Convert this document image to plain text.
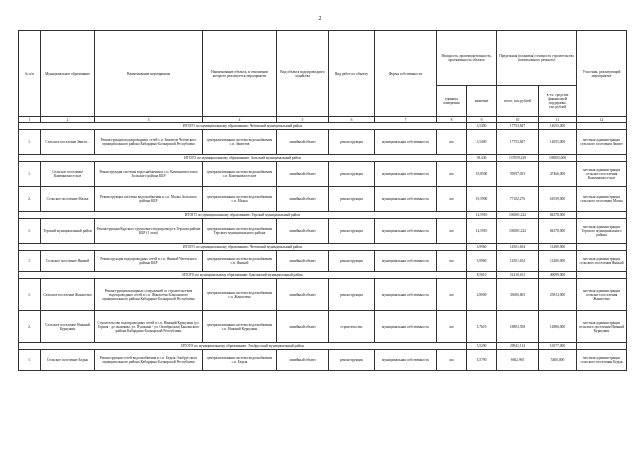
2
№ п/п	Муниципальное образование	Наименование мероприятия	Наименование объекта, в отношении которого реализуется мероприятие	Вид объекта водопроводного хозяйства	Вид работ по объекту	Форма собственности	Мощность, производительность, протяженность объекта		Предельная (плановая) стоимость строительства (капитального ремонта)		Участник, реализующий мероприятие
							единица измерения	значение	всего, тыс.рублей	в т.ч. средства финансовой поддержки, тыс.рублей	
1	2	3	4	5	6	7	8	9	10	11	12
ИТОГО по муниципальному образованию: Чегемский муниципальный район								3,5400	17753,847	14055,000	
1.	Сельское поселение Звягит...	Реконструкция водопроводных сетей с.п. Звягитов Чегемского муниципального района Кабардино-Балкарской Республики	централизованная система водоснабжения с.п. Звягитов	линейный объект	реконструкция	муниципальная собственность	км	3,5400	17753,847	14055,000	местная администрация сельского поселения Звягит
ИТОГО по муниципальному образованию: Зольский муниципальный район								39,440	137059,229	108505,000	
1.	Сельское поселение Каменномостское	Реконструкция системы водоснабжения в с.п. Каменномостское Зольского района КБР	централизованная система водоснабжения с.п. Каменномостское	линейный объект	реконструкция	муниципальная собственность	км	19,8500	59957,053	47466,000	местная администрация сельского поселения Каменномостское
2.	Сельское поселение Малка	Реконструкция системы водоснабжения в с.п. Малка Зольского района КБР	централизованная система водоснабжения с.п. Малка	линейный объект	реконструкция	муниципальная собственность	км	19,5900	77102,276	61039,000	местная администрация сельского поселения Малка
ИТОГО по муниципальному образованию: Терский муниципальный район								12,5910	106581,222	84378,000	
1.	Терский муниципальный район	Реконструкция Курского группового водопровода в Терском районе КБР (1 этап)	централизованная система водоснабжения Терского муниципального района	линейный объект	реконструкция	муниципальная собственность	км	12,5910	106581,222	84378,000	местная администрация Терского муниципального района
ИТОГО по муниципальному образованию: Чегемский муниципальный район								3,9960	14501,654	11480,000	
1.	Сельское поселение Яникой	Реконструкция водопроводных сетей в с.п. Яникой Чегемского района КБР	централизованная система водоснабжения с.п. Яникой	линейный объект	реконструкция	муниципальная собственность	км	3,9960	14501,654	11480,000	местная администрация сельского поселения Яникой
ИТОГО по муниципальному образованию: Баксанский муниципальный район								8,5610	51410,161	40699,000	
1.	Сельское поселение Жанхотеко	Реконструкция напорных сооружений со строительством водопроводных сетей в с.п. Жанхотеко Баксанского муниципального района Кабардино-Балкарской Республики	централизованная система водоснабжения с.п. Жанхотеко	линейный объект	реконструкция	муниципальная собственность	км	2,8000	33606,603	25813,000	местная администрация сельского поселения Жанхотеко
2.	Сельское поселение Нижний Куркужин	Строительство водопроводных сетей в с.п. Нижний Куркужин (ул. Горная - до оканчива, ул. Пушкина - ул. Октябрьская) Баксанского района Кабардино-Балкарской Республики	централизованная система водоснабжения с.п. Нижний Куркужин	линейный объект	строительство	муниципальная собственность	км	5,7610	18803,558	14886,000	местная администрация сельского поселения Нижний Куркужин
ИТОГО по муниципальному образованию: Эльбрусский муниципальный район								5,5290	20941,114	16577,000	
1.	Сельское поселение Бедык	Реконструкция сетей водоснабжения в с.п. Бедык Эльбрусского муниципального района Кабардино-Балкарской Республики	централизованная система водоснабжения с.п. Бедык	линейный объект	реконструкция	муниципальная собственность	км	3,5790	6602,965	5400,000	местная администрация сельского поселения Бедык
